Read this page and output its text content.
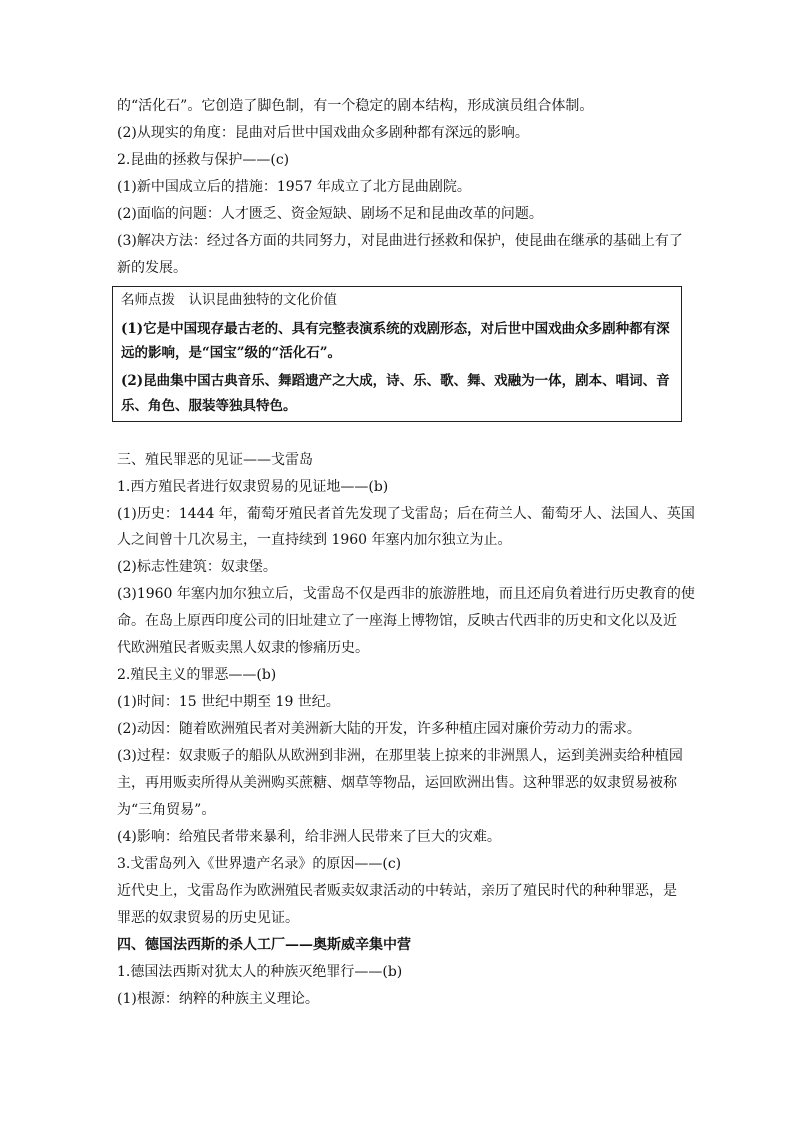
的“活化石”。它创造了脚色制，有一个稳定的剧本结构，形成演员组合体制。
(2)从现实的角度：昆曲对后世中国戏曲众多剧种都有深远的影响。
2.昆曲的拯救与保护——(c)
(1)新中国成立后的措施：1957 年成立了北方昆曲剧院。
(2)面临的问题：人才匮乏、资金短缺、剧场不足和昆曲改革的问题。
(3)解决方法：经过各方面的共同努力，对昆曲进行拯救和保护，使昆曲在继承的基础上有了
新的发展。
名师点拨　认识昆曲独特的文化价值
(1)它是中国现存最古老的、具有完整表演系统的戏剧形态，对后世中国戏曲众多剧种都有深
远的影响，是“国宝”级的“活化石”。
(2)昆曲集中国古典音乐、舞蹈遗产之大成，诗、乐、歌、舞、戏融为一体，剧本、唱词、音
乐、角色、服装等独具特色。
三、殖民罪恶的见证——戈雷岛
1.西方殖民者进行奴隶贸易的见证地——(b)
(1)历史：1444 年，葡萄牙殖民者首先发现了戈雷岛；后在荷兰人、葡萄牙人、法国人、英国
人之间曾十几次易主，一直持续到 1960 年塞内加尔独立为止。
(2)标志性建筑：奴隶堡。
(3)1960 年塞内加尔独立后，戈雷岛不仅是西非的旅游胜地，而且还肩负着进行历史教育的使
命。在岛上原西印度公司的旧址建立了一座海上博物馆，反映古代西非的历史和文化以及近
代欧洲殖民者贩卖黑人奴隶的惨痛历史。
2.殖民主义的罪恶——(b)
(1)时间：15 世纪中期至 19 世纪。
(2)动因：随着欧洲殖民者对美洲新大陆的开发，许多种植庄园对廉价劳动力的需求。
(3)过程：奴隶贩子的船队从欧洲到非洲，在那里装上掠来的非洲黑人，运到美洲卖给种植园
主，再用贩卖所得从美洲购买蔗糖、烟草等物品，运回欧洲出售。这种罪恶的奴隶贸易被称
为“三角贸易”。
(4)影响：给殖民者带来暴利，给非洲人民带来了巨大的灾难。
3.戈雷岛列入《世界遗产名录》的原因——(c)
近代史上，戈雷岛作为欧洲殖民者贩卖奴隶活动的中转站，亲历了殖民时代的种种罪恶，是
罪恶的奴隶贸易的历史见证。
四、德国法西斯的杀人工厂——奥斯威辛集中营
1.德国法西斯对犹太人的种族灭绝罪行——(b)
(1)根源：纳粹的种族主义理论。
